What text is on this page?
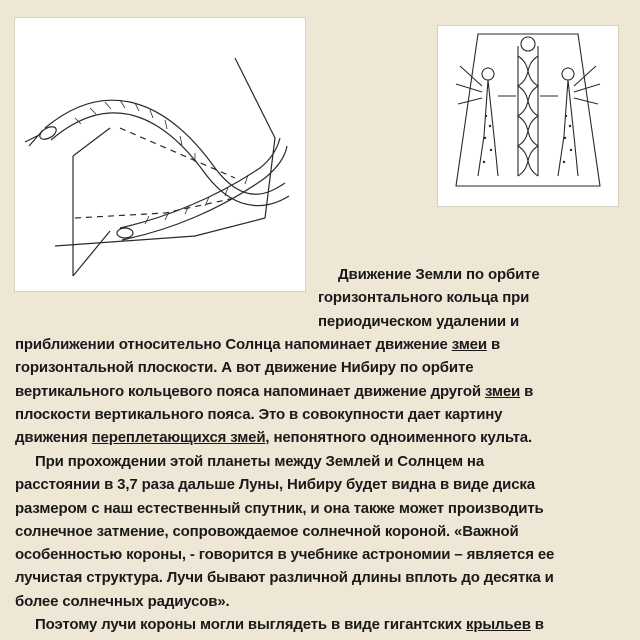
Движение Земли по орбите
горизонтального кольца при
периодическом удалении и

приближении относительно Солнца напоминает движение змеи в
горизонтальной плоскости. А вот движение Нибиру по орбите
вертикального кольцевого пояса напоминает движение другой змеи в
плоскости вертикального пояса. Это в совокупности дает картину
движения переплетающихся змей, непонятного одноименного культа.

При прохождении этой планеты между Землей и Солнцем на
расстоянии в 3,7 раза дальше Луны, Нибиру будет видна в виде диска
размером с наш естественный спутник, и она также может производить
солнечное затмение, сопровождаемое солнечной короной. «Важной
особенностью короны, - говорится в учебнике астрономии – является ее
лучистая структура. Лучи бывают различной длины вплоть до десятка и
более солнечных радиусов».

Поэтому лучи короны могли выглядеть в виде гигантских крыльев в
